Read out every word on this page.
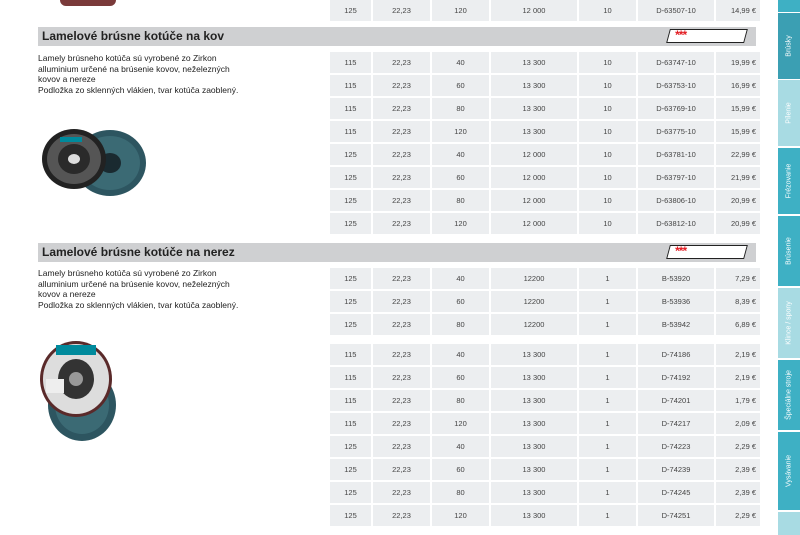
125	22,23	120	12 000	10	D-63507-10	14,99 €
Lamelové brúsne kotúče na kov	***
Lamely brúsneho kotúča sú vyrobené zo Zirkon
alluminium určené na brúsenie kovov, neželezných
kovov a nereze
Podložka zo sklenných vlákien, tvar kotúča zaoblený.
115	22,23	40	13 300	10	D-63747-10	19,99 €
115	22,23	60	13 300	10	D-63753-10	16,99 €
115	22,23	80	13 300	10	D-63769-10	15,99 €
115	22,23	120	13 300	10	D-63775-10	15,99 €
125	22,23	40	12 000	10	D-63781-10	22,99 €
125	22,23	60	12 000	10	D-63797-10	21,99 €
125	22,23	80	12 000	10	D-63806-10	20,99 €
125	22,23	120	12 000	10	D-63812-10	20,99 €
Lamelové brúsne kotúče na nerez	***
Lamely brúsneho kotúča sú vyrobené zo Zirkon
alluminium určené na brúsenie kovov, neželezných
kovov a nereze
Podložka zo sklenných vlákien, tvar kotúča zaoblený.
125	22,23	40	12200	1	B-53920	7,29 €
125	22,23	60	12200	1	B-53936	8,39 €
125	22,23	80	12200	1	B-53942	6,89 €
115	22,23	40	13 300	1	D-74186	2,19 €
115	22,23	60	13 300	1	D-74192	2,19 €
115	22,23	80	13 300	1	D-74201	1,79 €
115	22,23	120	13 300	1	D-74217	2,09 €
125	22,23	40	13 300	1	D-74223	2,29 €
125	22,23	60	13 300	1	D-74239	2,39 €
125	22,23	80	13 300	1	D-74245	2,39 €
125	22,23	120	13 300	1	D-74251	2,29 €
Brúsky
Pílenie
Frézovanie
Brúsenie
Klince / spony
Špeciálne stroje
Vysávanie
